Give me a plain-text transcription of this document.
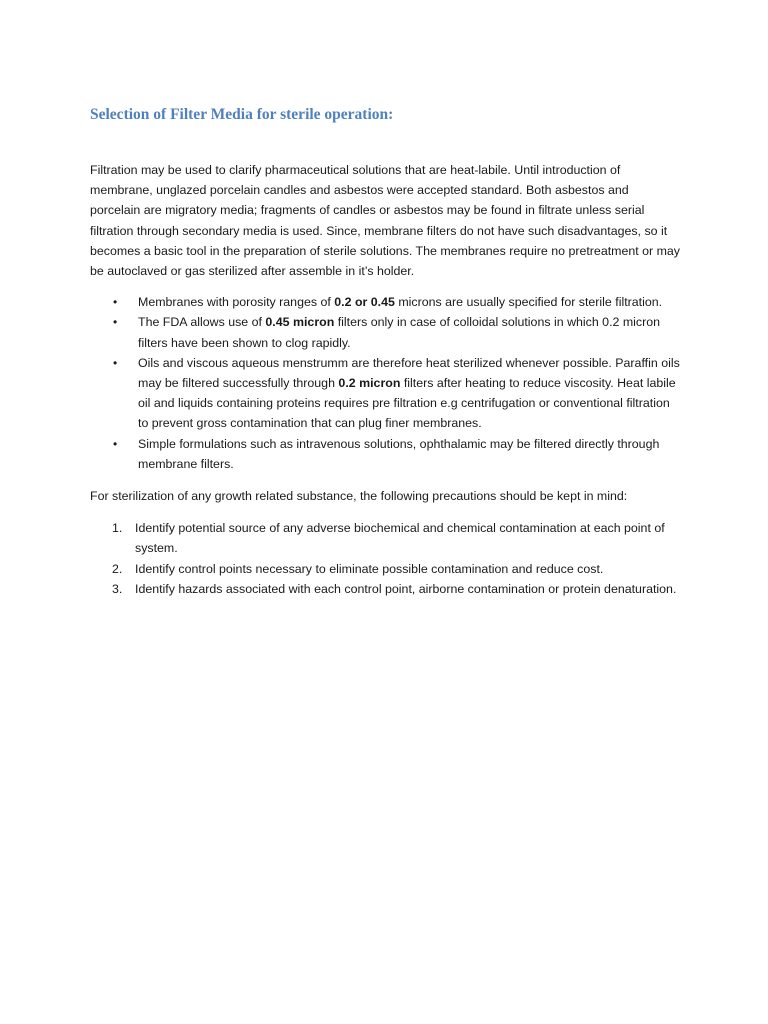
Selection of Filter Media for sterile operation:

Filtration may be used to clarify pharmaceutical solutions that are heat-labile. Until introduction of membrane, unglazed porcelain candles and asbestos were accepted standard. Both asbestos and porcelain are migratory media; fragments of candles or asbestos may be found in filtrate unless serial filtration through secondary media is used. Since, membrane filters do not have such disadvantages, so it becomes a basic tool in the preparation of sterile solutions. The membranes require no pretreatment or may be autoclaved or gas sterilized after assemble in it’s holder.

• Membranes with porosity ranges of 0.2 or 0.45 microns are usually specified for sterile filtration.
• The FDA allows use of 0.45 micron filters only in case of colloidal solutions in which 0.2 micron filters have been shown to clog rapidly.
• Oils and viscous aqueous menstrumm are therefore heat sterilized whenever possible. Paraffin oils may be filtered successfully through 0.2 micron filters after heating to reduce viscosity. Heat labile oil and liquids containing proteins requires pre filtration e.g centrifugation or conventional filtration to prevent gross contamination that can plug finer membranes.
• Simple formulations such as intravenous solutions, ophthalamic may be filtered directly through membrane filters.

For sterilization of any growth related substance, the following precautions should be kept in mind:

1. Identify potential source of any adverse biochemical and chemical contamination at each point of system.
2. Identify control points necessary to eliminate possible contamination and reduce cost.
3. Identify hazards associated with each control point, airborne contamination or protein denaturation.
